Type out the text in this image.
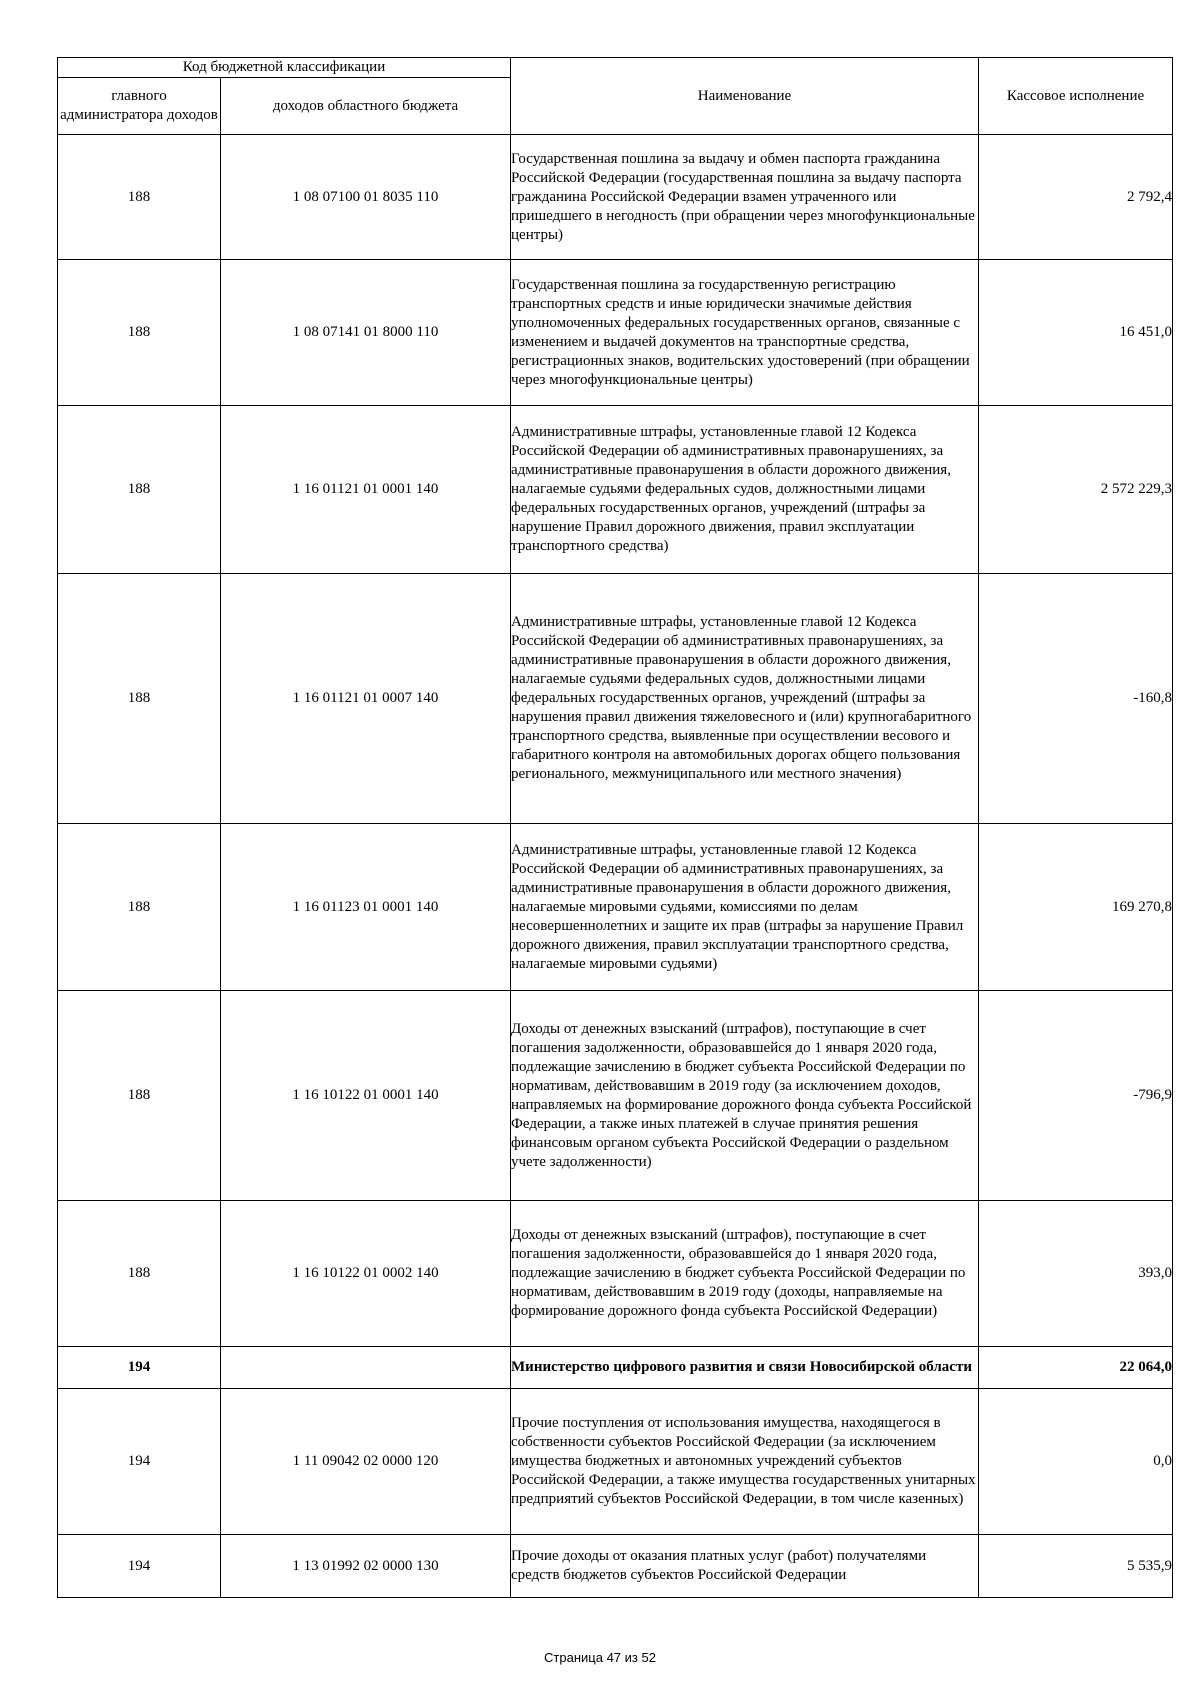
Код бюджетной классификации		Наименование	Кассовое исполнение
главного администратора доходов	доходов областного бюджета		
188	1 08 07100 01 8035 110	Государственная пошлина за выдачу и обмен паспорта гражданина Российской Федерации (государственная пошлина за выдачу паспорта гражданина Российской Федерации взамен утраченного или пришедшего в негодность (при обращении через многофункциональные центры)	2 792,4
188	1 08 07141 01 8000 110	Государственная пошлина за государственную регистрацию транспортных средств и иные юридически значимые действия уполномоченных федеральных государственных органов, связанные с изменением и выдачей документов на транспортные средства, регистрационных знаков, водительских удостоверений (при обращении через многофункциональные центры)	16 451,0
188	1 16 01121 01 0001 140	Административные штрафы, установленные главой 12 Кодекса Российской Федерации об административных правонарушениях, за административные правонарушения в области дорожного движения, налагаемые судьями федеральных судов, должностными лицами федеральных государственных органов, учреждений (штрафы за нарушение Правил дорожного движения, правил эксплуатации транспортного средства)	2 572 229,3
188	1 16 01121 01 0007 140	Административные штрафы, установленные главой 12 Кодекса Российской Федерации об административных правонарушениях, за административные правонарушения в области дорожного движения, налагаемые судьями федеральных судов, должностными лицами федеральных государственных органов, учреждений (штрафы за нарушения правил движения тяжеловесного и (или) крупногабаритного транспортного средства, выявленные при осуществлении весового и габаритного контроля на автомобильных дорогах общего пользования регионального, межмуниципального или местного значения)	-160,8
188	1 16 01123 01 0001 140	Административные штрафы, установленные главой 12 Кодекса Российской Федерации об административных правонарушениях, за административные правонарушения в области дорожного движения, налагаемые мировыми судьями, комиссиями по делам несовершеннолетних и защите их прав (штрафы за нарушение Правил дорожного движения, правил эксплуатации транспортного средства, налагаемые мировыми судьями)	169 270,8
188	1 16 10122 01 0001 140	Доходы от денежных взысканий (штрафов), поступающие в счет погашения задолженности, образовавшейся до 1 января 2020 года, подлежащие зачислению в бюджет субъекта Российской Федерации по нормативам, действовавшим в 2019 году (за исключением доходов, направляемых на формирование дорожного фонда субъекта Российской Федерации, а также иных платежей в случае принятия решения финансовым органом субъекта Российской Федерации о раздельном учете задолженности)	-796,9
188	1 16 10122 01 0002 140	Доходы от денежных взысканий (штрафов), поступающие в счет погашения задолженности, образовавшейся до 1 января 2020 года, подлежащие зачислению в бюджет субъекта Российской Федерации по нормативам, действовавшим в 2019 году (доходы, направляемые на формирование дорожного фонда субъекта Российской Федерации)	393,0
194		Министерство цифрового развития и связи Новосибирской области	22 064,0
194	1 11 09042 02 0000 120	Прочие поступления от использования имущества, находящегося в собственности субъектов Российской Федерации (за исключением имущества бюджетных и автономных учреждений субъектов Российской Федерации, а также имущества государственных унитарных предприятий субъектов Российской Федерации, в том числе казенных)	0,0
194	1 13 01992 02 0000 130	Прочие доходы от оказания платных услуг (работ) получателями средств бюджетов субъектов Российской Федерации	5 535,9
Страница 47 из 52
